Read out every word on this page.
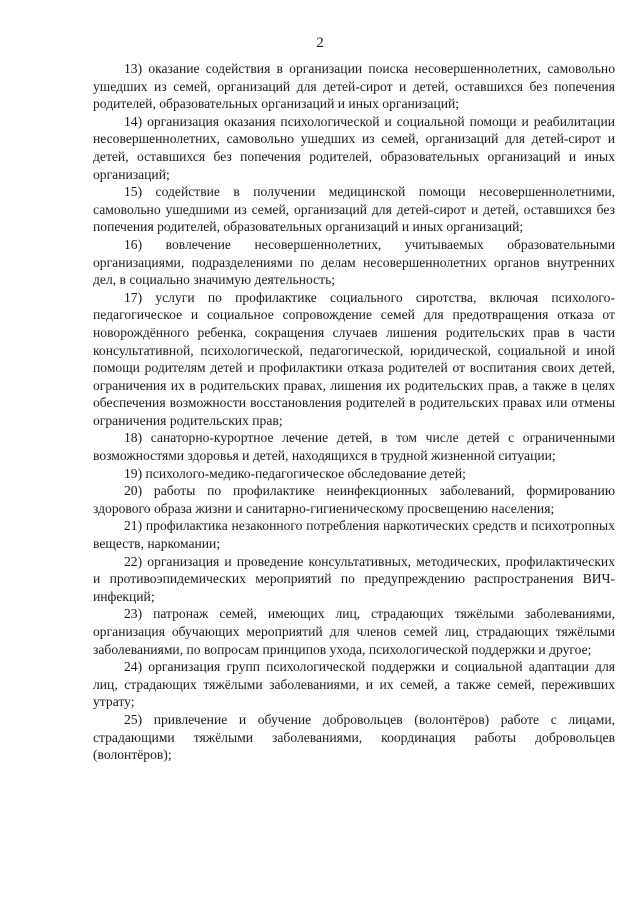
2

13) оказание содействия в организации поиска несовершеннолетних, самовольно ушедших из семей, организаций для детей-сирот и детей, оставшихся без попечения родителей, образовательных организаций и иных организаций;

14) организация оказания психологической и социальной помощи и реабилитации несовершеннолетних, самовольно ушедших из семей, организаций для детей-сирот и детей, оставшихся без попечения родителей, образовательных организаций и иных организаций;

15) содействие в получении медицинской помощи несовершеннолетними, самовольно ушедшими из семей, организаций для детей-сирот и детей, оставшихся без попечения родителей, образовательных организаций и иных организаций;

16) вовлечение несовершеннолетних, учитываемых образовательными организациями, подразделениями по делам несовершеннолетних органов внутренних дел, в социально значимую деятельность;

17) услуги по профилактике социального сиротства, включая психолого-педагогическое и социальное сопровождение семей для предотвращения отказа от новорождённого ребенка, сокращения случаев лишения родительских прав в части консультативной, психологической, педагогической, юридической, социальной и иной помощи родителям детей и профилактики отказа родителей от воспитания своих детей, ограничения их в родительских правах, лишения их родительских прав, а также в целях обеспечения возможности восстановления родителей в родительских правах или отмены ограничения родительских прав;

18) санаторно-курортное лечение детей, в том числе детей с ограниченными возможностями здоровья и детей, находящихся в трудной жизненной ситуации;

19) психолого-медико-педагогическое обследование детей;

20) работы по профилактике неинфекционных заболеваний, формированию здорового образа жизни и санитарно-гигиеническому просвещению населения;

21) профилактика незаконного потребления наркотических средств и психотропных веществ, наркомании;

22) организация и проведение консультативных, методических, профилактических и противоэпидемических мероприятий по предупреждению распространения ВИЧ-инфекций;

23) патронаж семей, имеющих лиц, страдающих тяжёлыми заболеваниями, организация обучающих мероприятий для членов семей лиц, страдающих тяжёлыми заболеваниями, по вопросам принципов ухода, психологической поддержки и другое;

24) организация групп психологической поддержки и социальной адаптации для лиц, страдающих тяжёлыми заболеваниями, и их семей, а также семей, переживших утрату;

25) привлечение и обучение добровольцев (волонтёров) работе с лицами, страдающими тяжёлыми заболеваниями, координация работы добровольцев (волонтёров);
